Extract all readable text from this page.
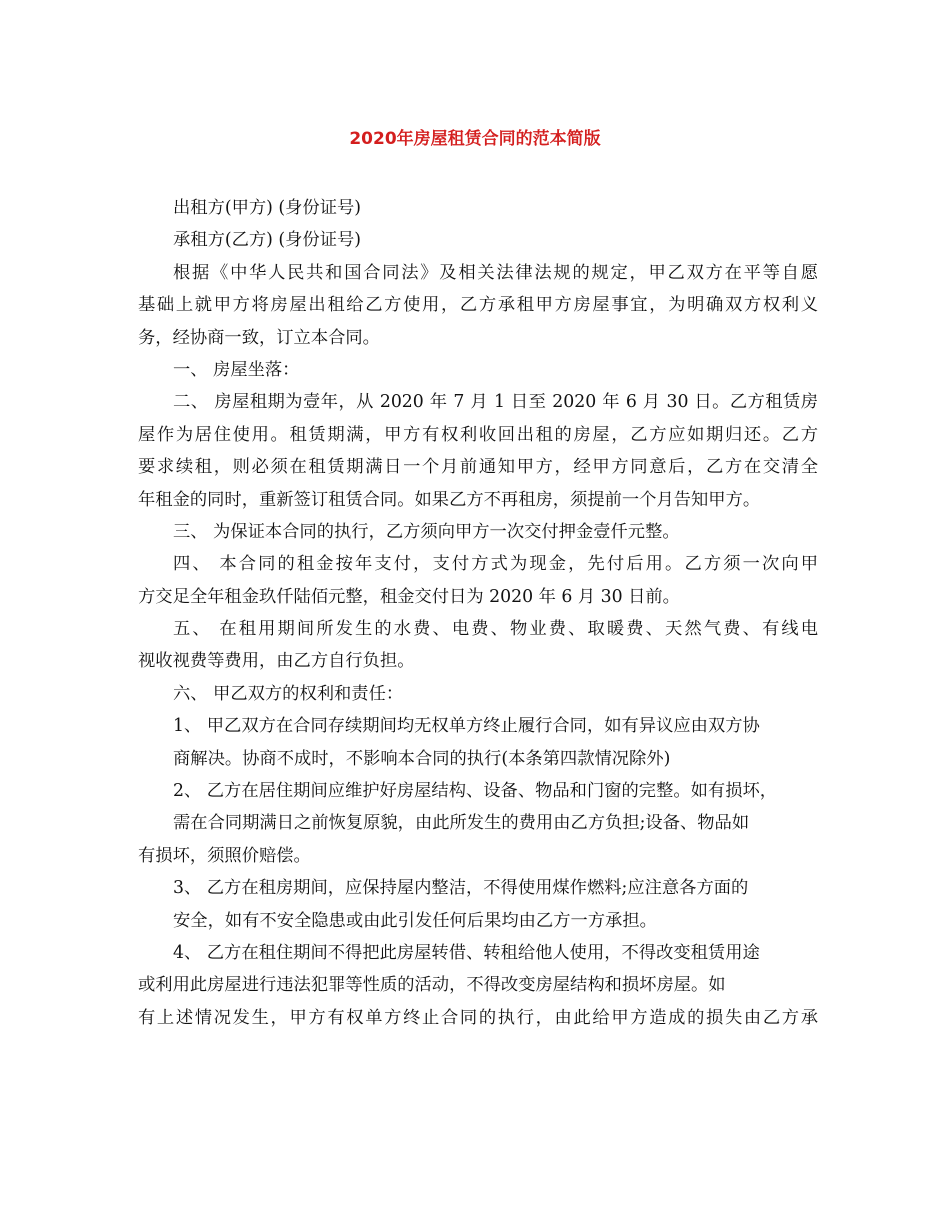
2020年房屋租赁合同的范本简版
出租方(甲方) (身份证号)
承租方(乙方) (身份证号)
根据《中华人民共和国合同法》及相关法律法规的规定，甲乙双方在平等自愿
基础上就甲方将房屋出租给乙方使用，乙方承租甲方房屋事宜，为明确双方权利义
务，经协商一致，订立本合同。
一、 房屋坐落：
二、 房屋租期为壹年，从 2020 年 7 月 1 日至 2020 年 6 月 30 日。乙方租赁房
屋作为居住使用。租赁期满，甲方有权利收回出租的房屋，乙方应如期归还。乙方
要求续租，则必须在租赁期满日一个月前通知甲方，经甲方同意后，乙方在交清全
年租金的同时，重新签订租赁合同。如果乙方不再租房，须提前一个月告知甲方。
三、 为保证本合同的执行，乙方须向甲方一次交付押金壹仟元整。
四、 本合同的租金按年支付，支付方式为现金，先付后用。乙方须一次向甲
方交足全年租金玖仟陆佰元整，租金交付日为 2020 年 6 月 30 日前。
五、 在租用期间所发生的水费、电费、物业费、取暖费、天然气费、有线电
视收视费等费用，由乙方自行负担。
六、 甲乙双方的权利和责任：
1、 甲乙双方在合同存续期间均无权单方终止履行合同，如有异议应由双方协
商解决。协商不成时，不影响本合同的执行(本条第四款情况除外)
2、 乙方在居住期间应维护好房屋结构、设备、物品和门窗的完整。如有损坏，
需在合同期满日之前恢复原貌，由此所发生的费用由乙方负担;设备、物品如
有损坏，须照价赔偿。
3、 乙方在租房期间，应保持屋内整洁，不得使用煤作燃料;应注意各方面的
安全，如有不安全隐患或由此引发任何后果均由乙方一方承担。
4、 乙方在租住期间不得把此房屋转借、转租给他人使用，不得改变租赁用途
或利用此房屋进行违法犯罪等性质的活动，不得改变房屋结构和损坏房屋。如
有上述情况发生，甲方有权单方终止合同的执行，由此给甲方造成的损失由乙方承
